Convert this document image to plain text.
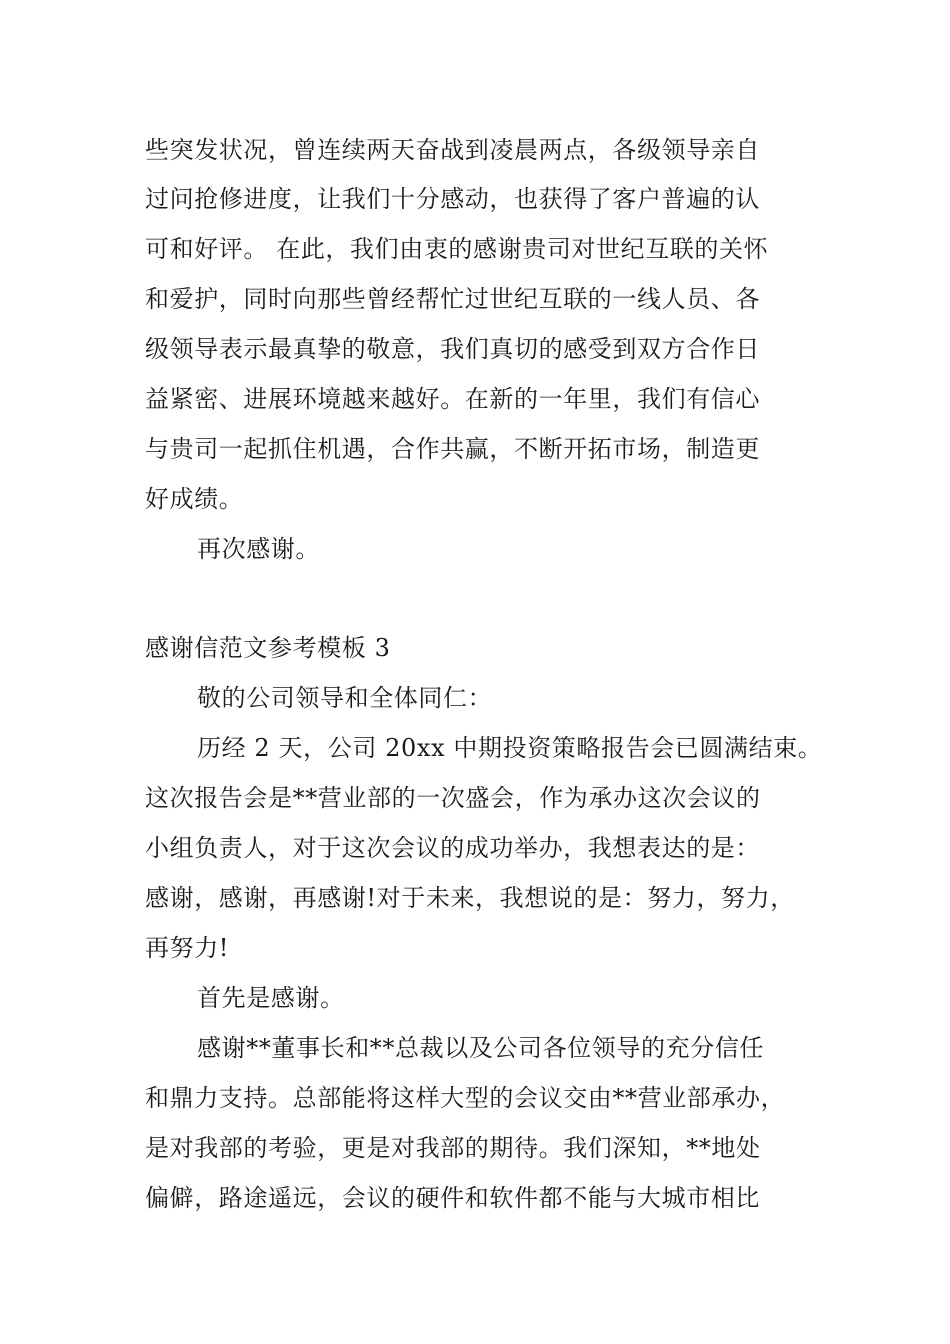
些突发状况，曾连续两天奋战到凌晨两点，各级领导亲自
过问抢修进度，让我们十分感动，也获得了客户普遍的认
可和好评。 在此，我们由衷的感谢贵司对世纪互联的关怀
和爱护，同时向那些曾经帮忙过世纪互联的一线人员、各
级领导表示最真挚的敬意，我们真切的感受到双方合作日
益紧密、进展环境越来越好。在新的一年里，我们有信心
与贵司一起抓住机遇，合作共赢，不断开拓市场，制造更
好成绩。
再次感谢。
感谢信范文参考模板 3
敬的公司领导和全体同仁：
历经 2 天，公司 20xx 中期投资策略报告会已圆满结束。
这次报告会是**营业部的一次盛会，作为承办这次会议的
小组负责人，对于这次会议的成功举办，我想表达的是：
感谢，感谢，再感谢!对于未来，我想说的是：努力，努力，
再努力!
首先是感谢。
感谢**董事长和**总裁以及公司各位领导的充分信任
和鼎力支持。总部能将这样大型的会议交由**营业部承办，
是对我部的考验，更是对我部的期待。我们深知，**地处
偏僻，路途遥远，会议的硬件和软件都不能与大城市相比
